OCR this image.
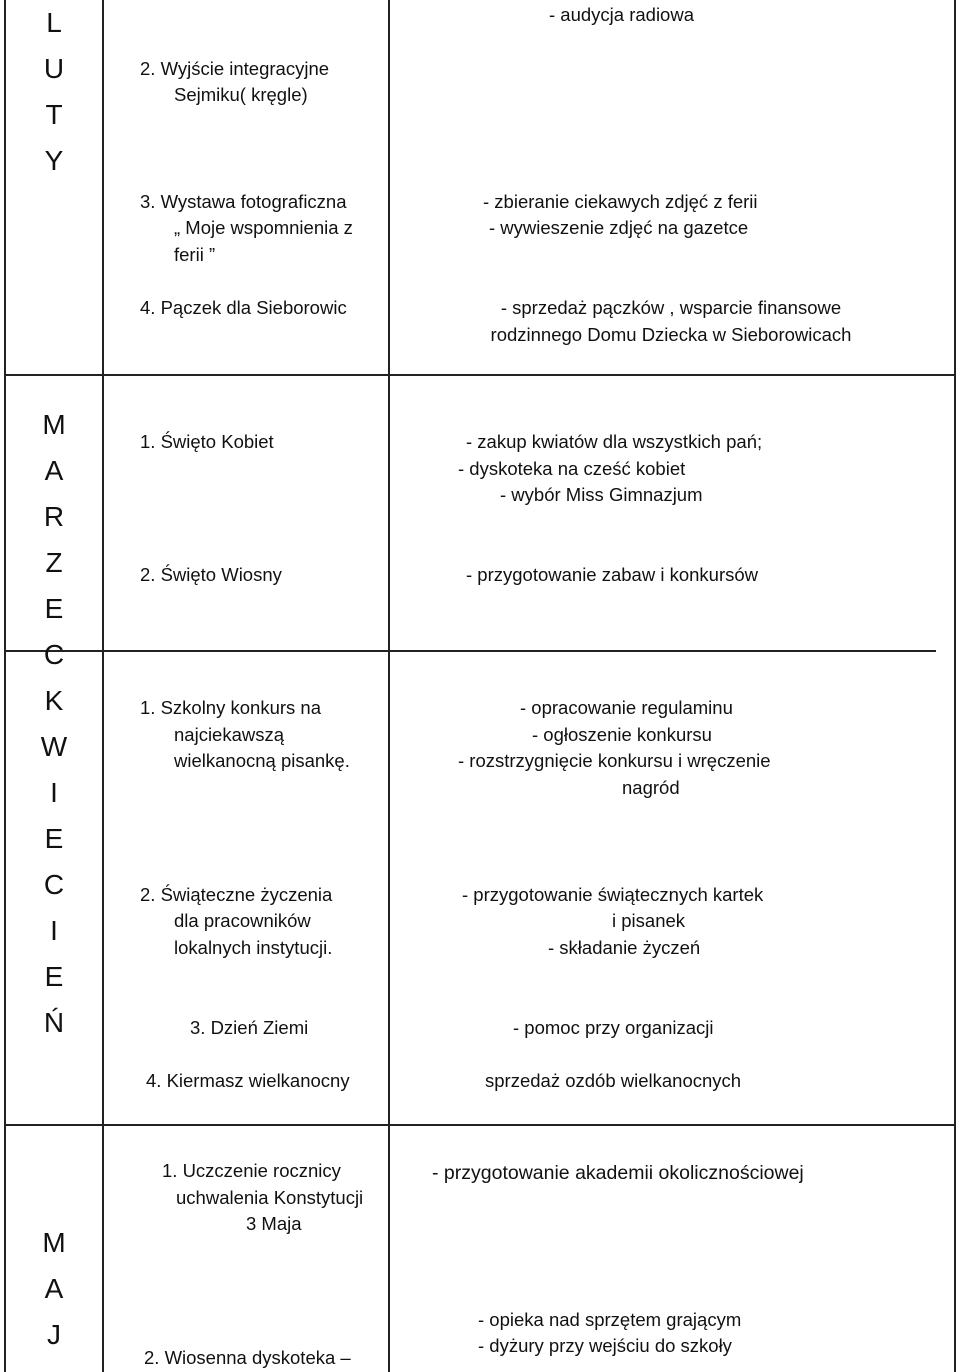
L
U
T
Y
2. Wyjście integracyjne
Sejmiku( kręgle)
3. Wystawa fotograficzna
„ Moje wspomnienia z
ferii ”
4. Pączek dla Sieborowic
- audycja radiowa
- zbieranie ciekawych zdjęć z ferii
- wywieszenie zdjęć na gazetce
- sprzedaż pączków , wsparcie finansowe
rodzinnego Domu Dziecka w Sieborowicach
M
A
R
Z
E
C
1. Święto Kobiet
2. Święto Wiosny
- zakup kwiatów dla wszystkich pań;
- dyskoteka na cześć kobiet
- wybór Miss Gimnazjum
- przygotowanie zabaw i konkursów
K
W
I
E
C
I
E
Ń
1. Szkolny konkurs na
najciekawszą
wielkanocną pisankę.
2. Świąteczne życzenia
dla pracowników
lokalnych instytucji.
3. Dzień Ziemi
4. Kiermasz wielkanocny
- opracowanie regulaminu
- ogłoszenie konkursu
- rozstrzygnięcie konkursu i wręczenie
nagród
- przygotowanie świątecznych kartek
i pisanek
- składanie życzeń
- pomoc przy organizacji
sprzedaż ozdób wielkanocnych
M
A
J
1. Uczczenie rocznicy
uchwalenia Konstytucji
3 Maja
2. Wiosenna dyskoteka –
- przygotowanie akademii okolicznościowej
- opieka nad sprzętem grającym
- dyżury przy wejściu do szkoły
